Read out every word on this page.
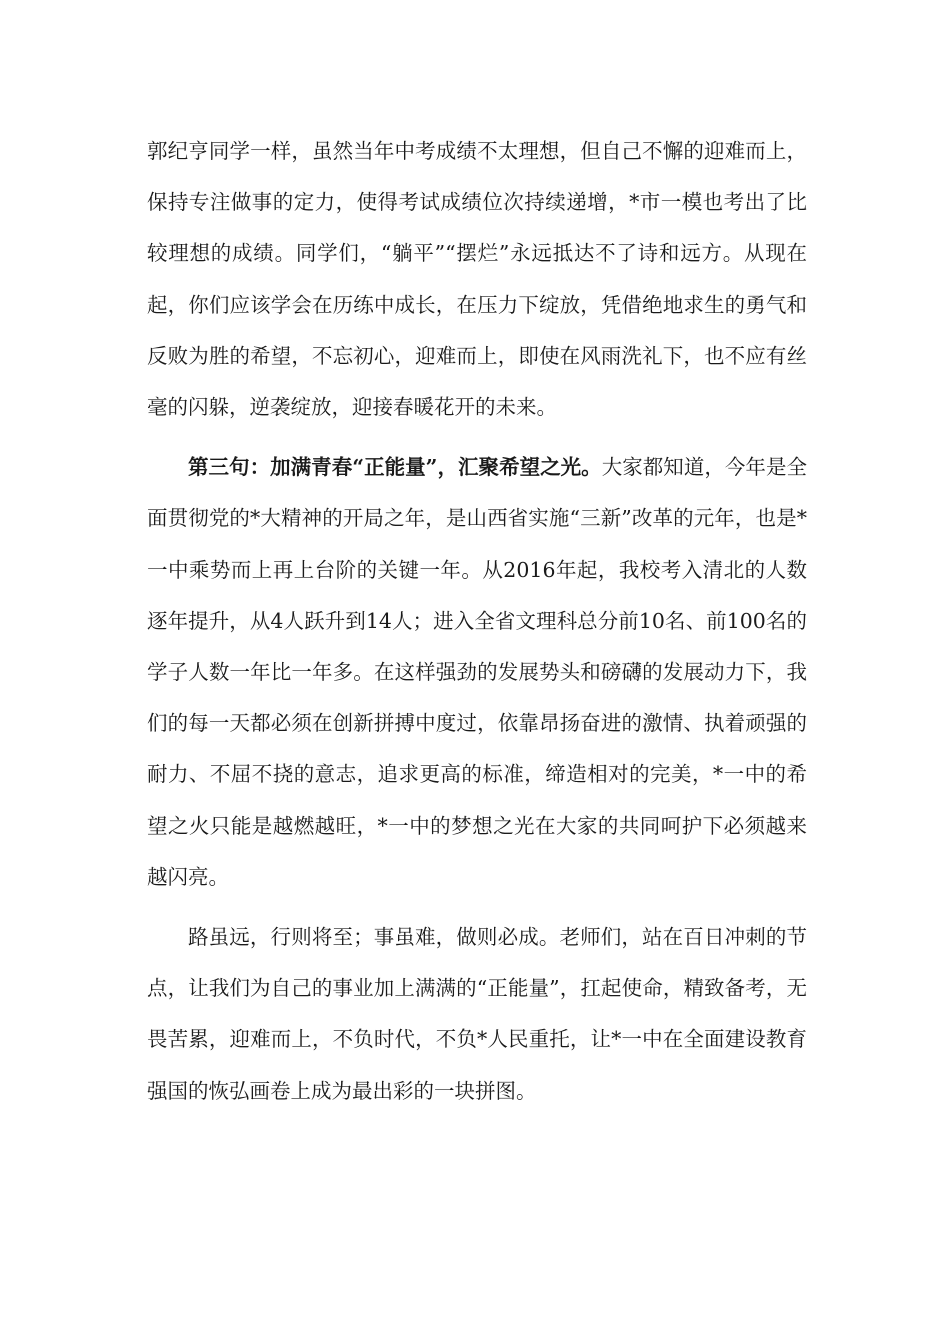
郭纪亨同学一样，虽然当年中考成绩不太理想，但自己不懈的迎难而上，保持专注做事的定力，使得考试成绩位次持续递增，*市一模也考出了比较理想的成绩。同学们，“躺平”“摆烂”永远抵达不了诗和远方。从现在起，你们应该学会在历练中成长，在压力下绽放，凭借绝地求生的勇气和反败为胜的希望，不忘初心，迎难而上，即使在风雨洗礼下，也不应有丝毫的闪躲，逆袭绽放，迎接春暖花开的未来。

第三句：加满青春“正能量”，汇聚希望之光。大家都知道，今年是全面贯彻党的*大精神的开局之年，是山西省实施“三新”改革的元年，也是*一中乘势而上再上台阶的关键一年。从2016年起，我校考入清北的人数逐年提升，从4人跃升到14人；进入全省文理科总分前10名、前100名的学子人数一年比一年多。在这样强劲的发展势头和磅礴的发展动力下，我们的每一天都必须在创新拼搏中度过，依靠昂扬奋进的激情、执着顽强的耐力、不屈不挠的意志，追求更高的标准，缔造相对的完美，*一中的希望之火只能是越燃越旺，*一中的梦想之光在大家的共同呵护下必须越来越闪亮。

路虽远，行则将至；事虽难，做则必成。老师们，站在百日冲刺的节点，让我们为自己的事业加上满满的“正能量”，扛起使命，精致备考，无畏苦累，迎难而上，不负时代，不负*人民重托，让*一中在全面建设教育强国的恢弘画卷上成为最出彩的一块拼图。
